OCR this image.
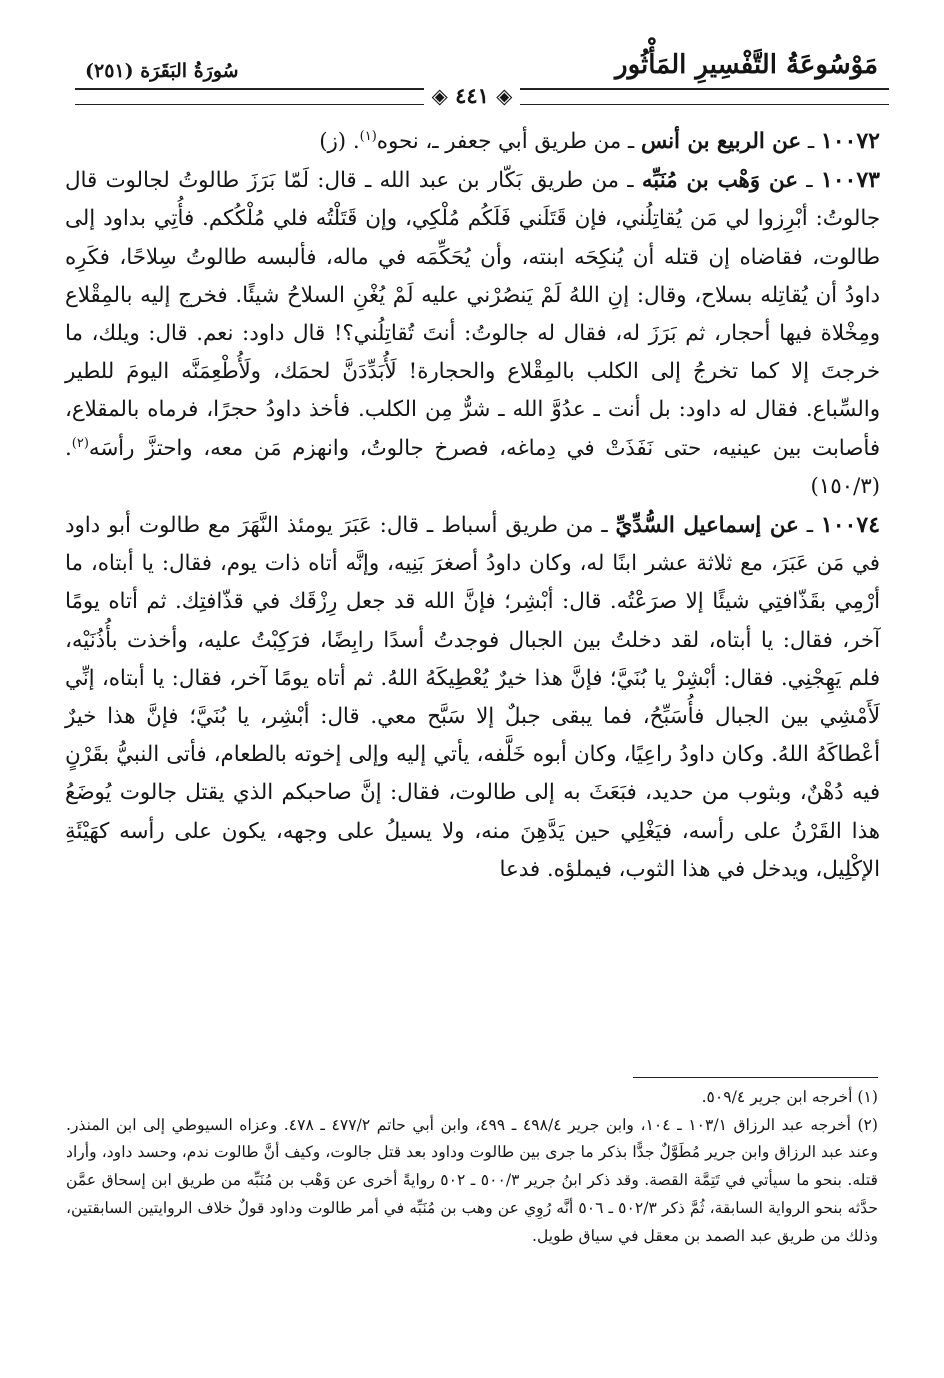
مَوْسُوعَةُ التَّفْسِيرِ المَأْثُور
سُورَةُ البَقَرَة (٢٥١)
◈ ٤٤١ ◈

١٠٠٧٢ ـ عن الربيع بن أنس ـ من طريق أبي جعفر ـ، نحوه$^{(١)}$. (ز)

١٠٠٧٣ ـ عن وَهْب بن مُنَبِّه ـ من طريق بَكّار بن عبد الله ـ قال: لَمّا بَرَزَ طالوتُ لجالوت قال جالوتُ: أبْرِزوا لي مَن يُقاتِلُني، فإن قَتَلَني فَلَكُم مُلْكِي، وإن قَتَلْتُه فلي مُلْكُكم. فأُتِي بداود إلى طالوت، فقاضاه إن قتله أن يُنكِحَه ابنته، وأن يُحَكِّمَه في ماله، فألبسه طالوتُ سِلاحًا، فكَرِه داودُ أن يُقاتِله بسلاح، وقال: إنِ اللهُ لَمْ يَنصُرْني عليه لَمْ يُغْنِ السلاحُ شيئًا. فخرج إليه بالمِقْلاع ومِخْلاة فيها أحجار، ثم بَرَزَ له، فقال له جالوتُ: أنتَ تُقاتِلُني؟! قال داود: نعم. قال: ويلك، ما خرجتَ إلا كما تخرجُ إلى الكلب بالمِقْلاع والحجارة! لَأُبَدِّدَنَّ لحمَك، ولَأُطْعِمَنَّه اليومَ للطير والسِّباع. فقال له داود: بل أنت ـ عدُوَّ الله ـ شرٌّ مِن الكلب. فأخذ داودُ حجرًا، فرماه بالمقلاع، فأصابت بين عينيه، حتى نَفَذَتْ في دِماغه، فصرخ جالوتُ، وانهزم مَن معه، واحتزَّ رأسَه$^{(٢)}$. (١٥٠/٣)

١٠٠٧٤ ـ عن إسماعيل السُّدِّيِّ ـ من طريق أسباط ـ قال: عَبَرَ يومئذ النَّهَرَ مع طالوت أبو داود في مَن عَبَرَ، مع ثلاثة عشر ابنًا له، وكان داودُ أصغرَ بَنِيه، وإنَّه أتاه ذات يوم، فقال: يا أبتاه، ما أرْمِي بقَذّافتِي شيئًا إلا صرَعْتُه. قال: أبْشِر؛ فإنَّ الله قد جعل رِزْقَك في قذّافتِك. ثم أتاه يومًا آخر، فقال: يا أبتاه، لقد دخلتُ بين الجبال فوجدتُ أسدًا رابِضًا، فرَكِبْتُ عليه، وأخذت بأُذُنَيْه، فلم يَهِجْنِي. فقال: أبْشِرْ يا بُنَيَّ؛ فإنَّ هذا خيرٌ يُعْطِيكَهُ اللهُ. ثم أتاه يومًا آخر، فقال: يا أبتاه، إنِّي لَأَمْشِي بين الجبال فأُسَبِّحُ، فما يبقى جبلٌ إلا سَبَّح معي. قال: أبْشِر، يا بُنَيَّ؛ فإنَّ هذا خيرٌ أعْطاكَهُ اللهُ. وكان داودُ راعِيًا، وكان أبوه خَلَّفه، يأتي إليه وإلى إخوته بالطعام، فأتى النبيُّ بقَرْنٍ فيه دُهْنٌ، وبثوب من حديد، فبَعَثَ به إلى طالوت، فقال: إنَّ صاحبكم الذي يقتل جالوت يُوضَعُ هذا القَرْنُ على رأسه، فيَغْلِي حين يَدَّهِنَ منه، ولا يسيلُ على وجهه، يكون على رأسه كهَيْئَةِ الإكْلِيل، ويدخل في هذا الثوب، فيملؤه. فدعا

(١) أخرجه ابن جرير ٥٠٩/٤.

(٢) أخرجه عبد الرزاق ١٠٣/١ ـ ١٠٤، وابن جرير ٤٩٨/٤ ـ ٤٩٩، وابن أبي حاتم ٤٧٧/٢ ـ ٤٧٨. وعزاه السيوطي إلى ابن المنذر. وعند عبد الرزاق وابن جرير مُطَوَّلٌ جدًّا بذكر ما جرى بين طالوت وداود بعد قتل جالوت، وكيف أنَّ طالوت ندم، وحسد داود، وأراد قتله. بنحو ما سيأتي في تَتِمَّة القصة. وقد ذكر ابنُ جرير ٥٠٠/٣ ـ ٥٠٢ روايةً أخرى عن وَهْب بن مُنَبِّه من طريق ابن إسحاق عمَّن حدَّثه بنحو الرواية السابقة، ثُمَّ ذكر ٥٠٢/٣ ـ ٥٠٦ أنَّه رُوِي عن وهب بن مُنَبِّه في أمر طالوت وداود قولٌ خلاف الروايتين السابقتين، وذلك من طريق عبد الصمد بن معقل في سياق طويل.
